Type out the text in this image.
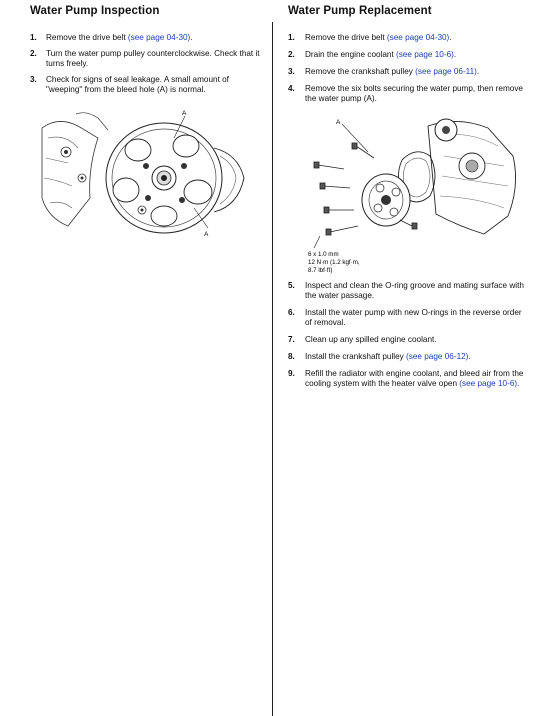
Water Pump Inspection
1. Remove the drive belt (see page 04-30).
2. Turn the water pump pulley counterclockwise. Check that it turns freely.
3. Check for signs of seal leakage. A small amount of "weeping" from the bleed hole (A) is normal.
A
A
Water Pump Replacement
1. Remove the drive belt (see page 04-30).
2. Drain the engine coolant (see page 10-6).
3. Remove the crankshaft pulley (see page 06-11).
4. Remove the six bolts securing the water pump, then remove the water pump (A).
A
6 x 1.0 mm
12 N·m (1.2 kgf·m,
8.7 lbf·ft)
5. Inspect and clean the O-ring groove and mating surface with the water passage.
6. Install the water pump with new O-rings in the reverse order of removal.
7. Clean up any spilled engine coolant.
8. Install the crankshaft pulley (see page 06-12).
9. Refill the radiator with engine coolant, and bleed air from the cooling system with the heater valve open (see page 10-6).
